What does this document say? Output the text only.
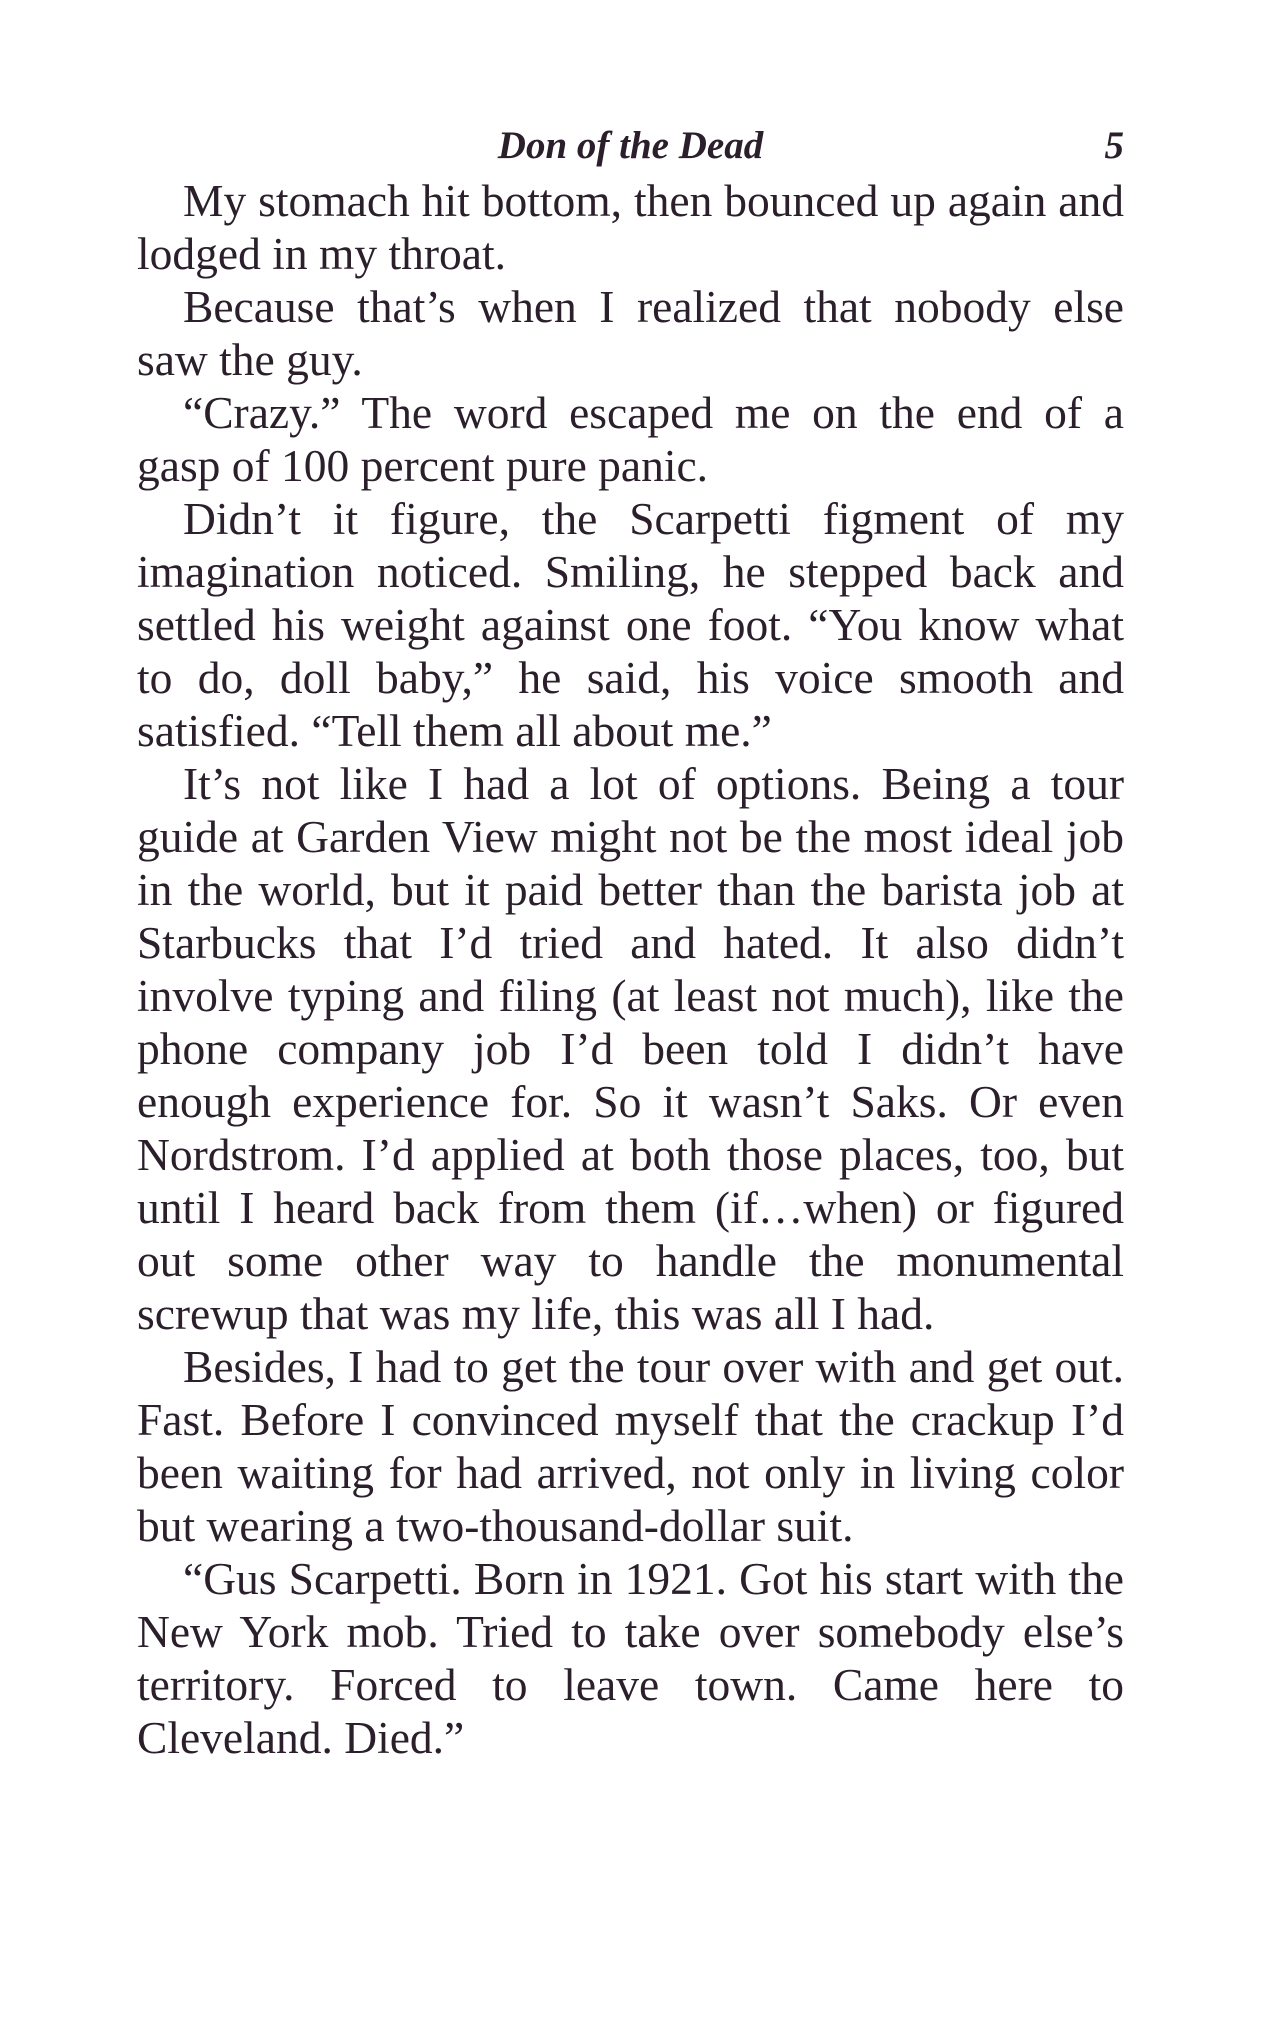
Don of the Dead	5

My stomach hit bottom, then bounced up again and lodged in my throat.

Because that’s when I realized that nobody else saw the guy.

“Crazy.” The word escaped me on the end of a gasp of 100 percent pure panic.

Didn’t it figure, the Scarpetti figment of my imagination noticed. Smiling, he stepped back and settled his weight against one foot. “You know what to do, doll baby,” he said, his voice smooth and satisfied. “Tell them all about me.”

It’s not like I had a lot of options. Being a tour guide at Garden View might not be the most ideal job in the world, but it paid better than the barista job at Starbucks that I’d tried and hated. It also didn’t involve typing and filing (at least not much), like the phone company job I’d been told I didn’t have enough experience for. So it wasn’t Saks. Or even Nordstrom. I’d applied at both those places, too, but until I heard back from them (if…when) or figured out some other way to handle the monumental screwup that was my life, this was all I had.

Besides, I had to get the tour over with and get out. Fast. Before I convinced myself that the crackup I’d been waiting for had arrived, not only in living color but wearing a two-thousand-dollar suit.

“Gus Scarpetti. Born in 1921. Got his start with the New York mob. Tried to take over somebody else’s territory. Forced to leave town. Came here to Cleveland. Died.”
